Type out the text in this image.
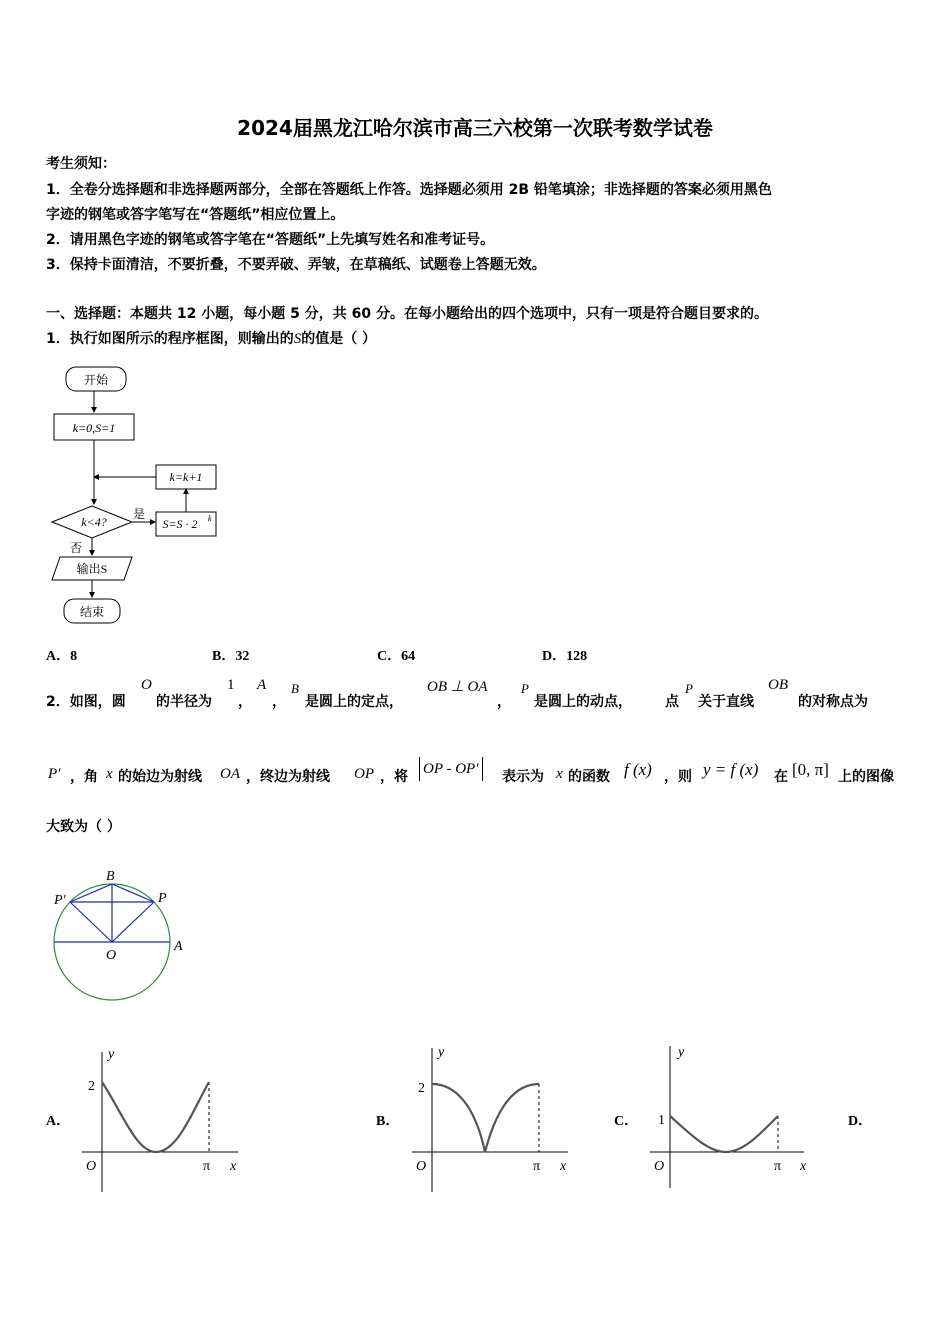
2024届黑龙江哈尔滨市高三六校第一次联考数学试卷
考生须知：
1．全卷分选择题和非选择题两部分，全部在答题纸上作答。选择题必须用 2B 铅笔填涂；非选择题的答案必须用黑色
字迹的钢笔或答字笔写在“答题纸”相应位置上。
2．请用黑色字迹的钢笔或答字笔在“答题纸”上先填写姓名和准考证号。
3．保持卡面清洁，不要折叠，不要弄破、弄皱，在草稿纸、试题卷上答题无效。
一、选择题：本题共 12 小题，每小题 5 分，共 60 分。在每小题给出的四个选项中，只有一项是符合题目要求的。
1．执行如图所示的程序框图，则输出的S的值是（ ）
开始
k=0,S=1
k<4?
是
否
S=S · 2 k
k=k+1
输出S
结束
A．8	B．32	C．64	D．128
2．如图，圆
O
的半径为
1
，
A
，
B
是圆上的定点，
OB ⊥ OA
，
P
是圆上的动点， 点
P
关于直线
OB
的对称点为
P′ ，角 x 的始边为射线 OA ，终边为射线 OP ，将 OP - OP′ 表示为 x 的函数 f (x) ，则 y = f (x) 在 [0, π] 上的图像
大致为（ ）
B
P′	P
O
A
A．
y
2
O	π x
B．
y
2
O	π x
C．
y
1
O	π x
D．
